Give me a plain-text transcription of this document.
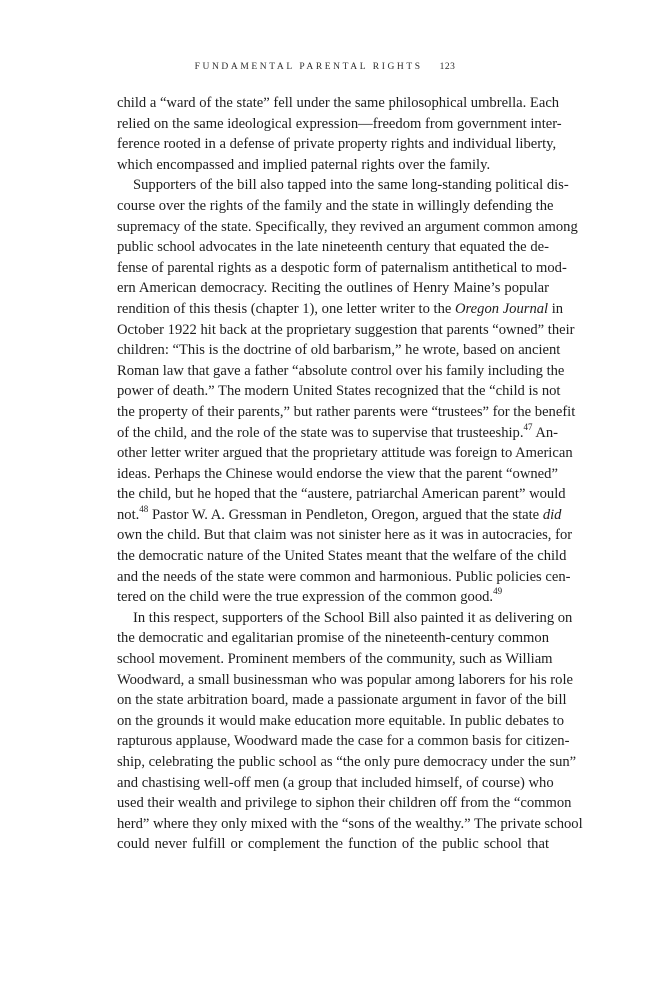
FUNDAMENTAL PARENTAL RIGHTS 123
child a “ward of the state” fell under the same philosophical umbrella. Each
relied on the same ideological expression—freedom from government inter-
ference rooted in a defense of private property rights and individual liberty,
which encompassed and implied paternal rights over the family.
Supporters of the bill also tapped into the same long-standing political dis-
course over the rights of the family and the state in willingly defending the
supremacy of the state. Specifically, they revived an argument common among
public school advocates in the late nineteenth century that equated the de-
fense of parental rights as a despotic form of paternalism antithetical to mod-
ern American democracy. Reciting the outlines of Henry Maine’s popular
rendition of this thesis (chapter 1), one letter writer to the Oregon Journal in
October 1922 hit back at the proprietary suggestion that parents “owned” their
children: “This is the doctrine of old barbarism,” he wrote, based on ancient
Roman law that gave a father “absolute control over his family including the
power of death.” The modern United States recognized that the “child is not
the property of their parents,” but rather parents were “trustees” for the benefit
of the child, and the role of the state was to supervise that trusteeship.$^{47}$ An-
other letter writer argued that the proprietary attitude was foreign to American
ideas. Perhaps the Chinese would endorse the view that the parent “owned”
the child, but he hoped that the “austere, patriarchal American parent” would
not.$^{48}$ Pastor W. A. Gressman in Pendleton, Oregon, argued that the state did
own the child. But that claim was not sinister here as it was in autocracies, for
the democratic nature of the United States meant that the welfare of the child
and the needs of the state were common and harmonious. Public policies cen-
tered on the child were the true expression of the common good.$^{49}$
In this respect, supporters of the School Bill also painted it as delivering on
the democratic and egalitarian promise of the nineteenth-century common
school movement. Prominent members of the community, such as William
Woodward, a small businessman who was popular among laborers for his role
on the state arbitration board, made a passionate argument in favor of the bill
on the grounds it would make education more equitable. In public debates to
rapturous applause, Woodward made the case for a common basis for citizen-
ship, celebrating the public school as “the only pure democracy under the sun”
and chastising well-off men (a group that included himself, of course) who
used their wealth and privilege to siphon their children off from the “common
herd” where they only mixed with the “sons of the wealthy.” The private school
could never fulfill or complement the function of the public school that
